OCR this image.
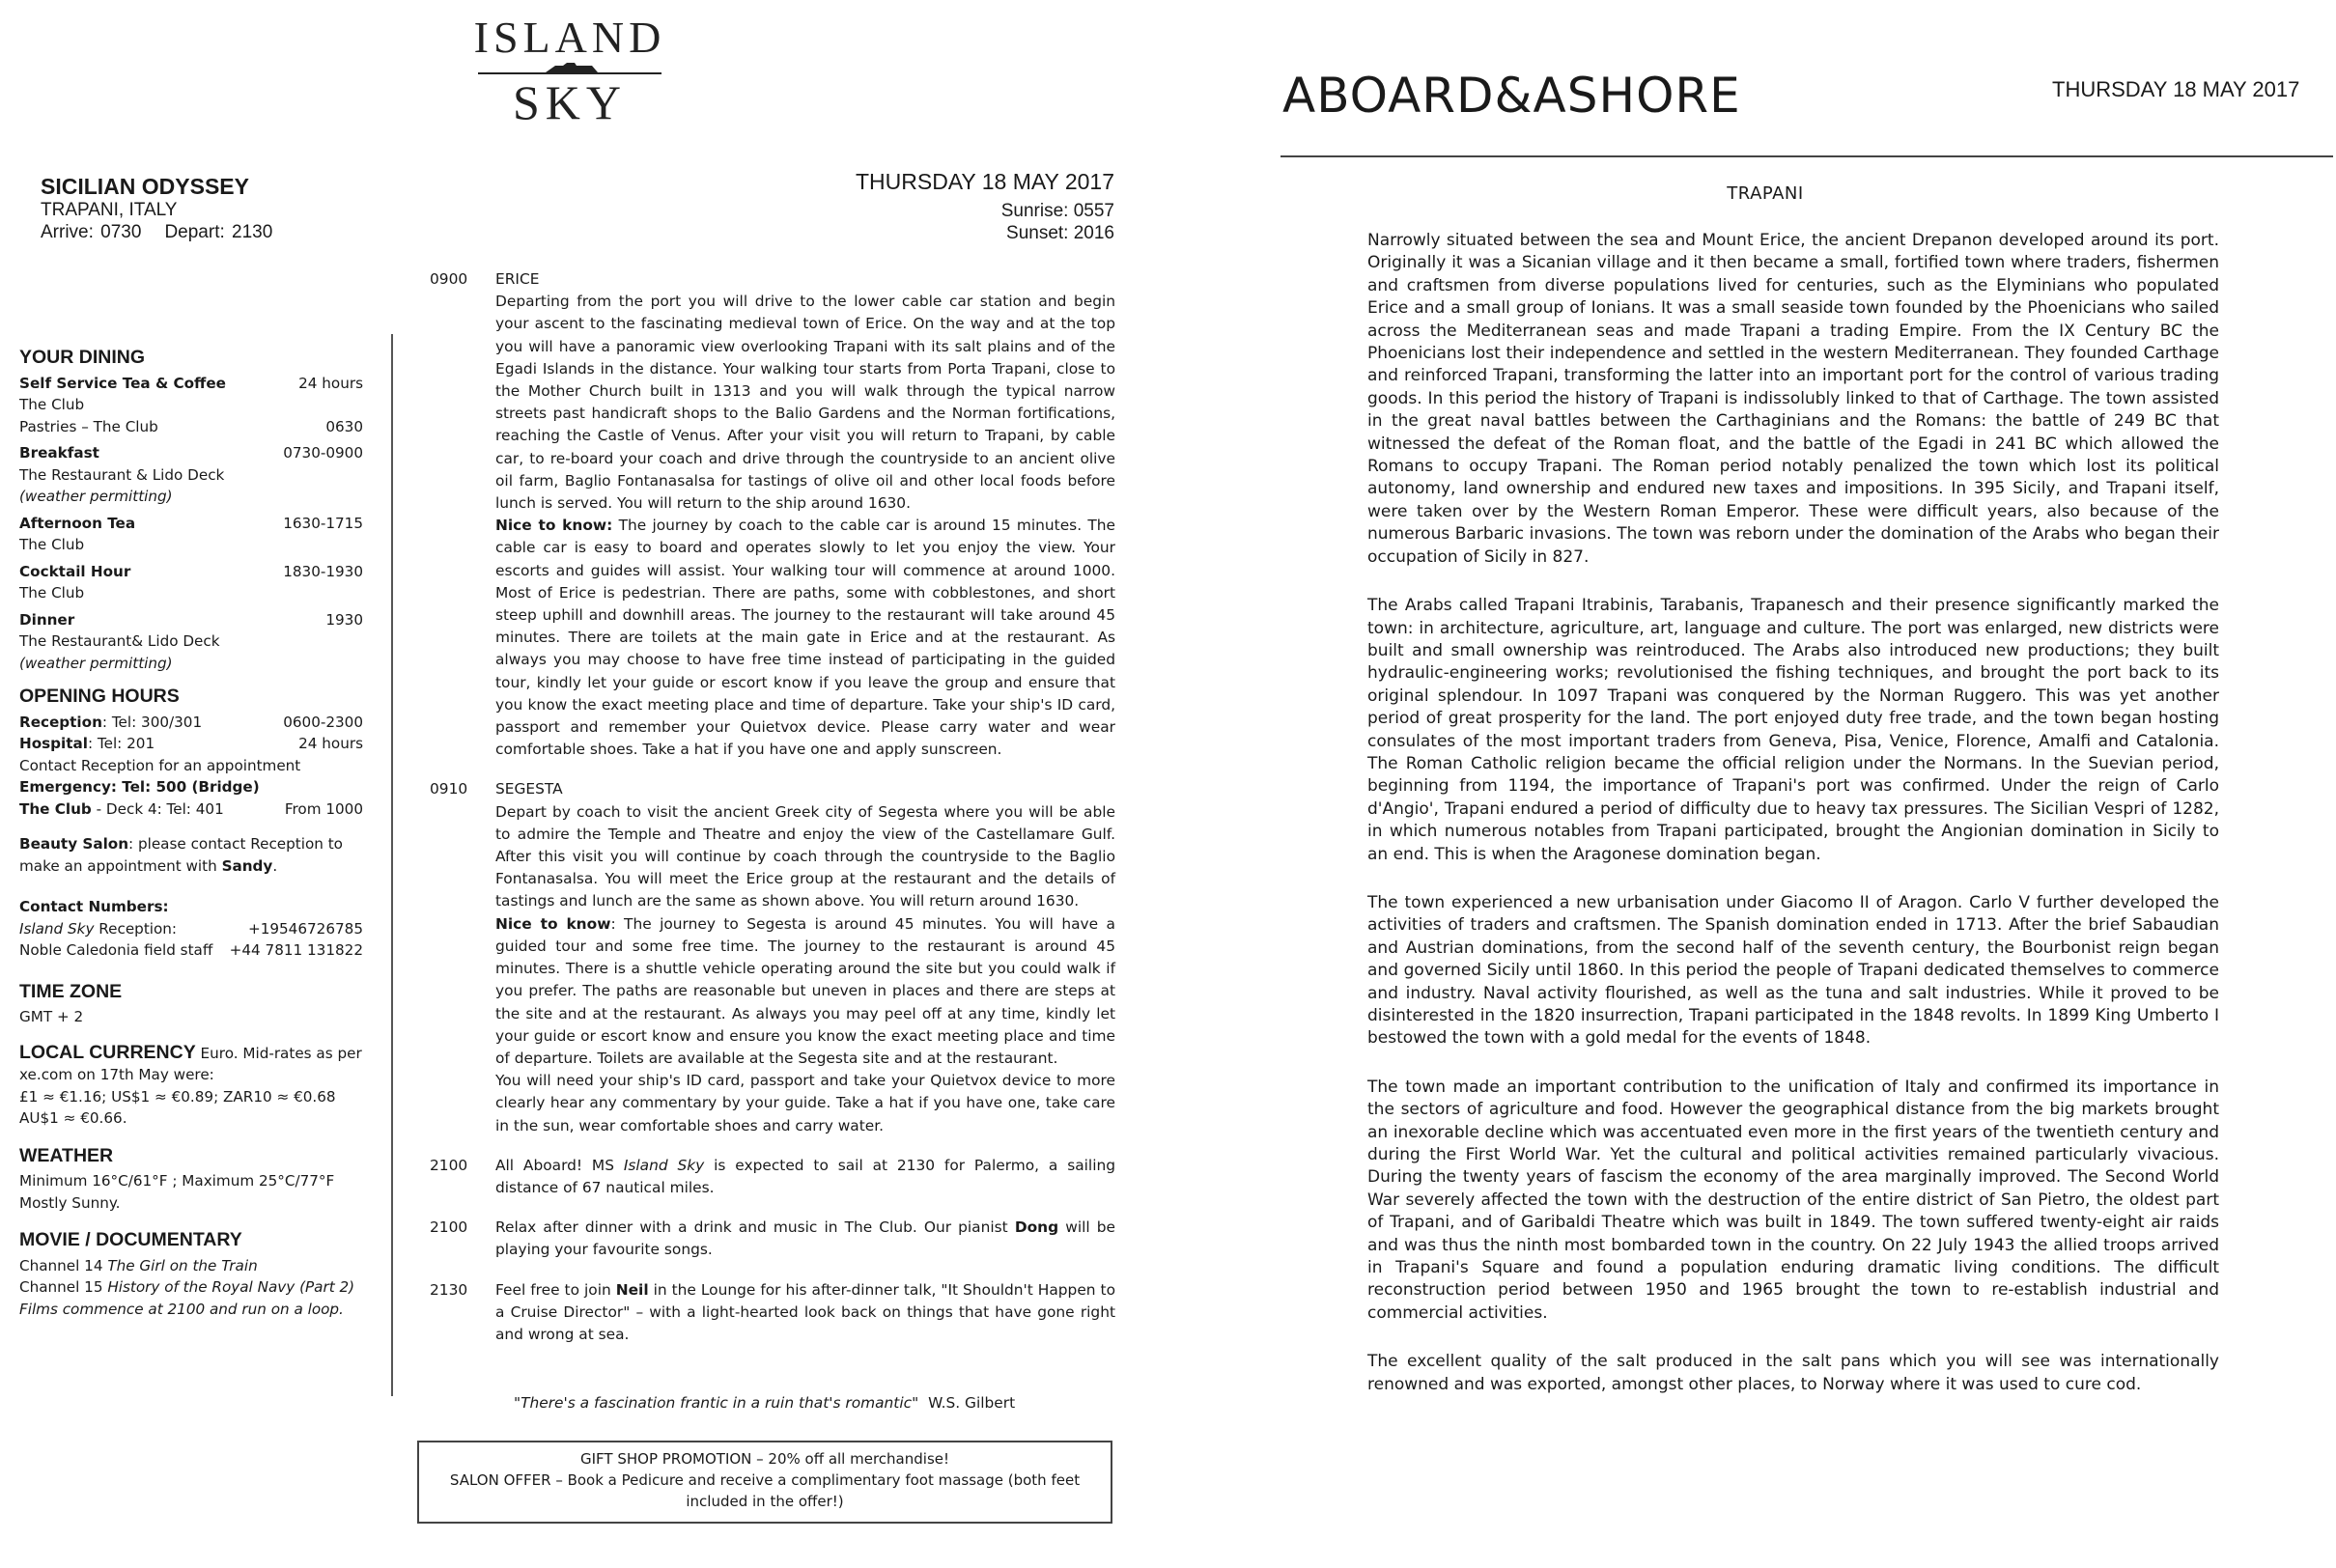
ISLAND
SKY
SICILIAN ODYSSEY
TRAPANI, ITALY
Arrive: 0730 Depart: 2130
THURSDAY 18 MAY 2017
Sunrise: 0557
Sunset: 2016
YOUR DINING
Self Service Tea & Coffee	24 hours
The Club
Pastries – The Club	0630
Breakfast	0730-0900
The Restaurant & Lido Deck
(weather permitting)
Afternoon Tea	1630-1715
The Club
Cocktail Hour	1830-1930
The Club
Dinner	1930
The Restaurant& Lido Deck
(weather permitting)
OPENING HOURS
Reception: Tel: 300/301	0600-2300
Hospital: Tel: 201	24 hours
Contact Reception for an appointment
Emergency: Tel: 500 (Bridge)
The Club - Deck 4: Tel: 401	From 1000
Beauty Salon: please contact Reception to make an appointment with Sandy.
Contact Numbers:
Island Sky Reception:	+19546726785
Noble Caledonia field staff +44 7811 131822
TIME ZONE
GMT + 2
LOCAL CURRENCY Euro. Mid-rates as per xe.com on 17th May were:
£1 ≈ €1.16; US$1 ≈ €0.89; ZAR10 ≈ €0.68
AU$1 ≈ €0.66.
WEATHER
Minimum 16°C/61°F ; Maximum 25°C/77°F
Mostly Sunny.
MOVIE / DOCUMENTARY
Channel 14 The Girl on the Train
Channel 15 History of the Royal Navy (Part 2)
Films commence at 2100 and run on a loop.
0900	ERICE
Departing from the port you will drive to the lower cable car station and begin your ascent to the fascinating medieval town of Erice. On the way and at the top you will have a panoramic view overlooking Trapani with its salt plains and of the Egadi Islands in the distance. Your walking tour starts from Porta Trapani, close to the Mother Church built in 1313 and you will walk through the typical narrow streets past handicraft shops to the Balio Gardens and the Norman fortifications, reaching the Castle of Venus. After your visit you will return to Trapani, by cable car, to re-board your coach and drive through the countryside to an ancient olive oil farm, Baglio Fontanasalsa for tastings of olive oil and other local foods before lunch is served. You will return to the ship around 1630.
Nice to know: The journey by coach to the cable car is around 15 minutes. The cable car is easy to board and operates slowly to let you enjoy the view. Your escorts and guides will assist. Your walking tour will commence at around 1000. Most of Erice is pedestrian. There are paths, some with cobblestones, and short steep uphill and downhill areas. The journey to the restaurant will take around 45 minutes. There are toilets at the main gate in Erice and at the restaurant. As always you may choose to have free time instead of participating in the guided tour, kindly let your guide or escort know if you leave the group and ensure that you know the exact meeting place and time of departure. Take your ship's ID card, passport and remember your Quietvox device. Please carry water and wear comfortable shoes. Take a hat if you have one and apply sunscreen.
0910	SEGESTA
Depart by coach to visit the ancient Greek city of Segesta where you will be able to admire the Temple and Theatre and enjoy the view of the Castellamare Gulf. After this visit you will continue by coach through the countryside to the Baglio Fontanasalsa. You will meet the Erice group at the restaurant and the details of tastings and lunch are the same as shown above. You will return around 1630.
Nice to know: The journey to Segesta is around 45 minutes. You will have a guided tour and some free time. The journey to the restaurant is around 45 minutes. There is a shuttle vehicle operating around the site but you could walk if you prefer. The paths are reasonable but uneven in places and there are steps at the site and at the restaurant. As always you may peel off at any time, kindly let your guide or escort know and ensure you know the exact meeting place and time of departure. Toilets are available at the Segesta site and at the restaurant.
You will need your ship's ID card, passport and take your Quietvox device to more clearly hear any commentary by your guide. Take a hat if you have one, take care in the sun, wear comfortable shoes and carry water.
2100	All Aboard! MS Island Sky is expected to sail at 2130 for Palermo, a sailing distance of 67 nautical miles.
2100	Relax after dinner with a drink and music in The Club. Our pianist Dong will be playing your favourite songs.
2130	Feel free to join Neil in the Lounge for his after-dinner talk, "It Shouldn't Happen to a Cruise Director" – with a light-hearted look back on things that have gone right and wrong at sea.
"There's a fascination frantic in a ruin that's romantic" W.S. Gilbert
GIFT SHOP PROMOTION – 20% off all merchandise!
SALON OFFER – Book a Pedicure and receive a complimentary foot massage (both feet included in the offer!)
ABOARD&ASHORE	THURSDAY 18 MAY 2017
TRAPANI

Narrowly situated between the sea and Mount Erice, the ancient Drepanon developed around its port. Originally it was a Sicanian village and it then became a small, fortified town where traders, fishermen and craftsmen from diverse populations lived for centuries, such as the Elyminians who populated Erice and a small group of Ionians. It was a small seaside town founded by the Phoenicians who sailed across the Mediterranean seas and made Trapani a trading Empire. From the IX Century BC the Phoenicians lost their independence and settled in the western Mediterranean. They founded Carthage and reinforced Trapani, transforming the latter into an important port for the control of various trading goods. In this period the history of Trapani is indissolubly linked to that of Carthage. The town assisted in the great naval battles between the Carthaginians and the Romans: the battle of 249 BC that witnessed the defeat of the Roman float, and the battle of the Egadi in 241 BC which allowed the Romans to occupy Trapani. The Roman period notably penalized the town which lost its political autonomy, land ownership and endured new taxes and impositions. In 395 Sicily, and Trapani itself, were taken over by the Western Roman Emperor. These were difficult years, also because of the numerous Barbaric invasions. The town was reborn under the domination of the Arabs who began their occupation of Sicily in 827.

The Arabs called Trapani Itrabinis, Tarabanis, Trapanesch and their presence significantly marked the town: in architecture, agriculture, art, language and culture. The port was enlarged, new districts were built and small ownership was reintroduced. The Arabs also introduced new productions; they built hydraulic-engineering works; revolutionised the fishing techniques, and brought the port back to its original splendour. In 1097 Trapani was conquered by the Norman Ruggero. This was yet another period of great prosperity for the land. The port enjoyed duty free trade, and the town began hosting consulates of the most important traders from Geneva, Pisa, Venice, Florence, Amalfi and Catalonia. The Roman Catholic religion became the official religion under the Normans. In the Suevian period, beginning from 1194, the importance of Trapani's port was confirmed. Under the reign of Carlo d'Angio', Trapani endured a period of difficulty due to heavy tax pressures. The Sicilian Vespri of 1282, in which numerous notables from Trapani participated, brought the Angionian domination in Sicily to an end. This is when the Aragonese domination began.

The town experienced a new urbanisation under Giacomo II of Aragon. Carlo V further developed the activities of traders and craftsmen. The Spanish domination ended in 1713. After the brief Sabaudian and Austrian dominations, from the second half of the seventh century, the Bourbonist reign began and governed Sicily until 1860. In this period the people of Trapani dedicated themselves to commerce and industry. Naval activity flourished, as well as the tuna and salt industries. While it proved to be disinterested in the 1820 insurrection, Trapani participated in the 1848 revolts. In 1899 King Umberto I bestowed the town with a gold medal for the events of 1848.

The town made an important contribution to the unification of Italy and confirmed its importance in the sectors of agriculture and food. However the geographical distance from the big markets brought an inexorable decline which was accentuated even more in the first years of the twentieth century and during the First World War. Yet the cultural and political activities remained particularly vivacious. During the twenty years of fascism the economy of the area marginally improved. The Second World War severely affected the town with the destruction of the entire district of San Pietro, the oldest part of Trapani, and of Garibaldi Theatre which was built in 1849. The town suffered twenty-eight air raids and was thus the ninth most bombarded town in the country. On 22 July 1943 the allied troops arrived in Trapani's Square and found a population enduring dramatic living conditions. The difficult reconstruction period between 1950 and 1965 brought the town to re-establish industrial and commercial activities.

The excellent quality of the salt produced in the salt pans which you will see was internationally renowned and was exported, amongst other places, to Norway where it was used to cure cod.
